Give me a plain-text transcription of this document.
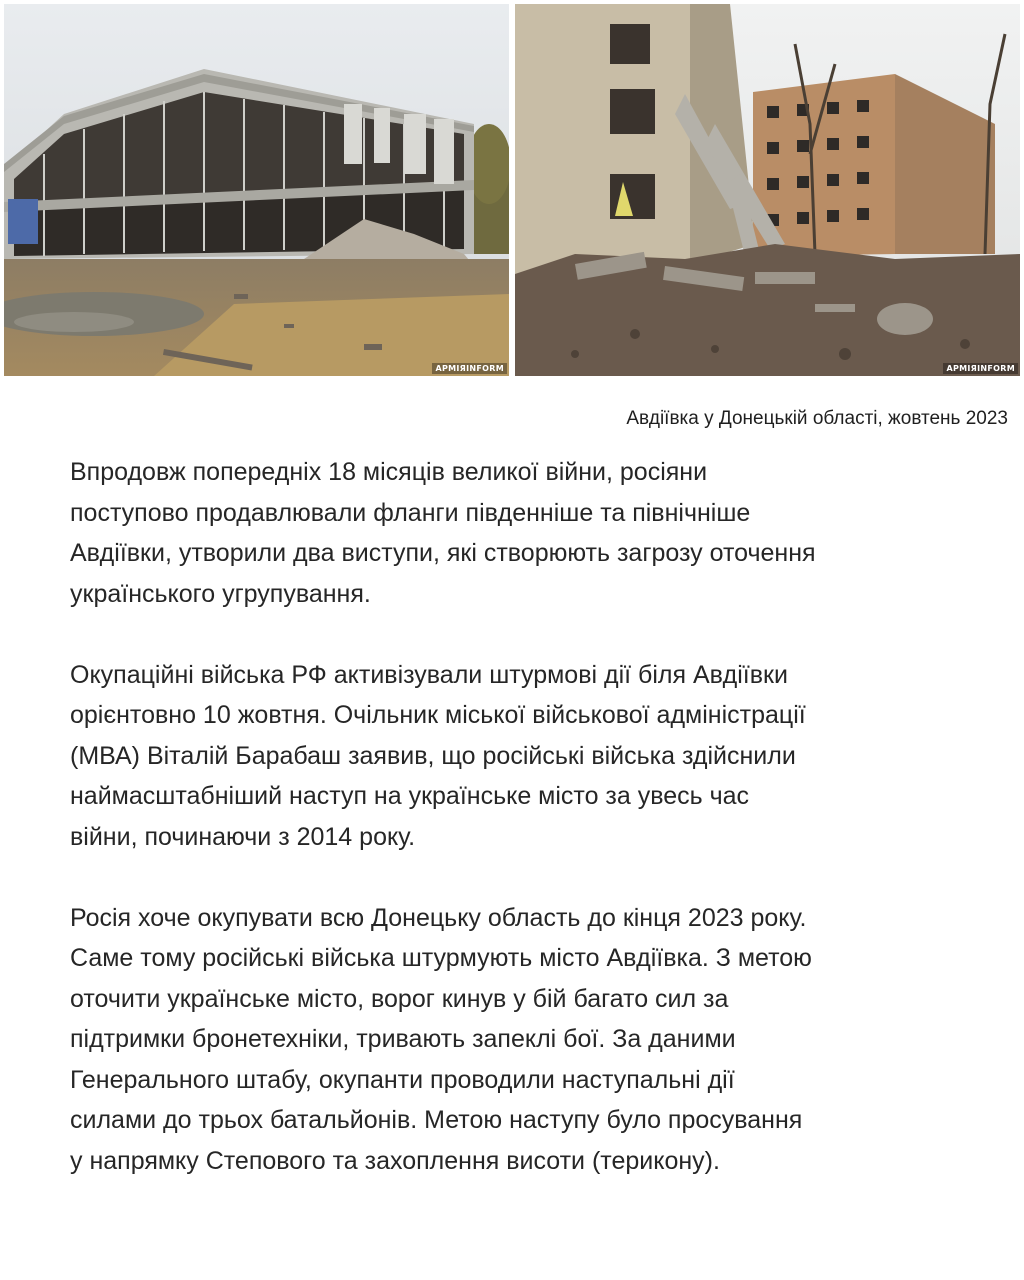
АРМІЯINFORM	АРМІЯINFORM
Авдіївка у Донецькій області, жовтень 2023

Впродовж попередніх 18 місяців великої війни, росіяни
поступово продавлювали фланги південніше та північніше
Авдіївки, утворили два виступи, які створюють загрозу оточення
українського угрупування.

Окупаційні війська РФ активізували штурмові дії біля Авдіївки
орієнтовно 10 жовтня. Очільник міської військової адміністрації
(МВА) Віталій Барабаш заявив, що російські війська здійснили
наймасштабніший наступ на українське місто за увесь час
війни, починаючи з 2014 року.

Росія хоче окупувати всю Донецьку область до кінця 2023 року.
Саме тому російські війська штурмують місто Авдіївка. З метою
оточити українське місто, ворог кинув у бій багато сил за
підтримки бронетехніки, тривають запеклі бої. За даними
Генерального штабу, окупанти проводили наступальні дії
силами до трьох батальйонів. Метою наступу було просування
у напрямку Степового та захоплення висоти (терикону).
